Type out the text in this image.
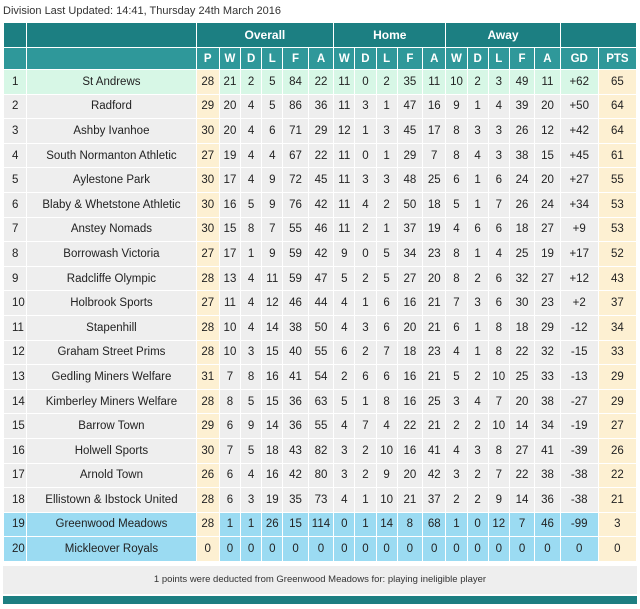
Division Last Updated: 14:41, Thursday 24th March 2016
		Overall						Home					Away						
		P	W	D	L	F	A	W	D	L	F	A	W	D	L	F	A	GD	PTS
1	St Andrews	28	21	2	5	84	22	11	0	2	35	11	10	2	3	49	11	+62	65
2	Radford	29	20	4	5	86	36	11	3	1	47	16	9	1	4	39	20	+50	64
3	Ashby Ivanhoe	30	20	4	6	71	29	12	1	3	45	17	8	3	3	26	12	+42	64
4	South Normanton Athletic	27	19	4	4	67	22	11	0	1	29	7	8	4	3	38	15	+45	61
5	Aylestone Park	30	17	4	9	72	45	11	3	3	48	25	6	1	6	24	20	+27	55
6	Blaby & Whetstone Athletic	30	16	5	9	76	42	11	4	2	50	18	5	1	7	26	24	+34	53
7	Anstey Nomads	30	15	8	7	55	46	11	2	1	37	19	4	6	6	18	27	+9	53
8	Borrowash Victoria	27	17	1	9	59	42	9	0	5	34	23	8	1	4	25	19	+17	52
9	Radcliffe Olympic	28	13	4	11	59	47	5	2	5	27	20	8	2	6	32	27	+12	43
10	Holbrook Sports	27	11	4	12	46	44	4	1	6	16	21	7	3	6	30	23	+2	37
11	Stapenhill	28	10	4	14	38	50	4	3	6	20	21	6	1	8	18	29	-12	34
12	Graham Street Prims	28	10	3	15	40	55	6	2	7	18	23	4	1	8	22	32	-15	33
13	Gedling Miners Welfare	31	7	8	16	41	54	2	6	6	16	21	5	2	10	25	33	-13	29
14	Kimberley Miners Welfare	28	8	5	15	36	63	5	1	8	16	25	3	4	7	20	38	-27	29
15	Barrow Town	29	6	9	14	36	55	4	7	4	22	21	2	2	10	14	34	-19	27
16	Holwell Sports	30	7	5	18	43	82	3	2	10	16	41	4	3	8	27	41	-39	26
17	Arnold Town	26	6	4	16	42	80	3	2	9	20	42	3	2	7	22	38	-38	22
18	Ellistown & Ibstock United	28	6	3	19	35	73	4	1	10	21	37	2	2	9	14	36	-38	21
19	Greenwood Meadows	28	1	1	26	15	114	0	1	14	8	68	1	0	12	7	46	-99	3
20	Mickleover Royals	0	0	0	0	0	0	0	0	0	0	0	0	0	0	0	0	0	0
1 points were deducted from Greenwood Meadows for: playing ineligible player
